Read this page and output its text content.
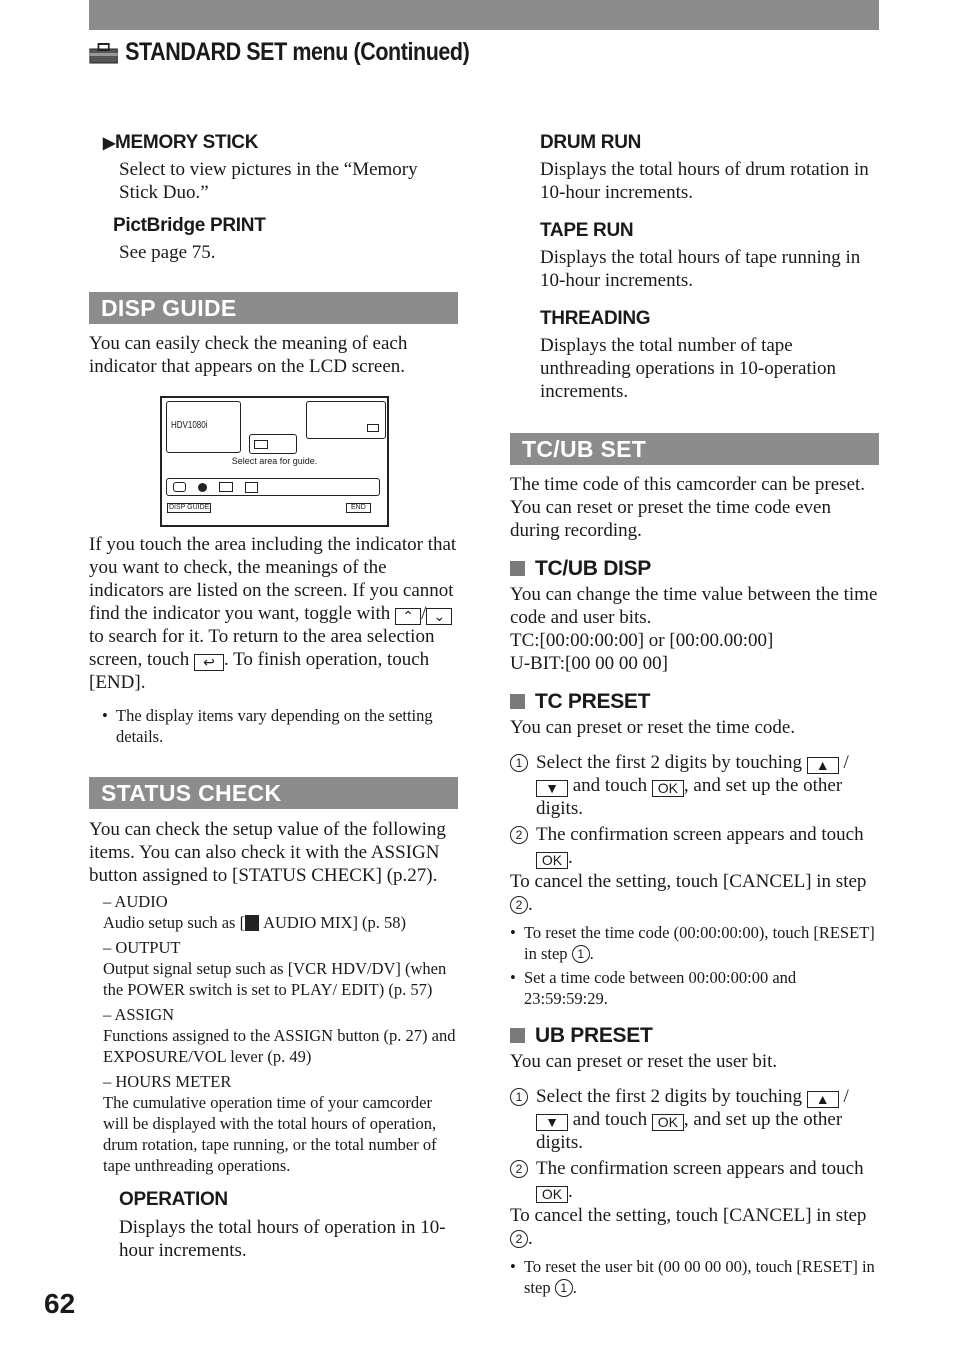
STANDARD SET menu (Continued)

▶MEMORY STICK

Select to view pictures in the “Memory Stick Duo.”

PictBridge PRINT

See page 75.

DISP GUIDE

You can easily check the meaning of each indicator that appears on the LCD screen.

HDV1080i
Select area for guide.
DISP GUIDE	END

If you touch the area including the indicator that you want to check, the meanings of the indicators are listed on the screen. If you cannot find the indicator you want, toggle with ⌃ / ⌄ to search for it. To return to the area selection screen, touch ↩ . To finish operation, touch [END].

• The display items vary depending on the setting details.
STATUS CHECK

You can check the setup value of the following items. You can also check it with the ASSIGN button assigned to [STATUS CHECK] (p.27).

– AUDIO
Audio setup such as [ AUDIO MIX] (p. 58)
– OUTPUT
Output signal setup such as [VCR HDV/DV] (when the POWER switch is set to PLAY/ EDIT) (p. 57)
– ASSIGN
Functions assigned to the ASSIGN button (p. 27) and EXPOSURE/VOL lever (p. 49)
– HOURS METER
The cumulative operation time of your camcorder will be displayed with the total hours of operation, drum rotation, tape running, or the total number of tape unthreading operations.

OPERATION

Displays the total hours of operation in 10-hour increments.

62

DRUM RUN

Displays the total hours of drum rotation in 10-hour increments.

TAPE RUN

Displays the total hours of tape running in 10-hour increments.

THREADING

Displays the total number of tape unthreading operations in 10-operation increments.

TC/UB SET

The time code of this camcorder can be preset. You can reset or preset the time code even during recording.

TC/UB DISP

You can change the time value between the time code and user bits.

TC:[00:00:00:00] or [00:00.00:00]

U-BIT:[00 00 00 00]

TC PRESET

You can preset or reset the time code.

1 Select the first 2 digits by touching ▲ /▼ and touch OK , and set up the other digits.
2 The confirmation screen appears and touch OK .

To cancel the setting, touch [CANCEL] in step 2 .

• To reset the time code (00:00:00:00), touch [RESET] in step 1 .
• Set a time code between 00:00:00:00 and 23:59:59:29.

UB PRESET

You can preset or reset the user bit.

1 Select the first 2 digits by touching ▲ /▼ and touch OK , and set up the other digits.
2 The confirmation screen appears and touch OK .

To cancel the setting, touch [CANCEL] in step 2 .

• To reset the user bit (00 00 00 00), touch [RESET] in step 1 .
